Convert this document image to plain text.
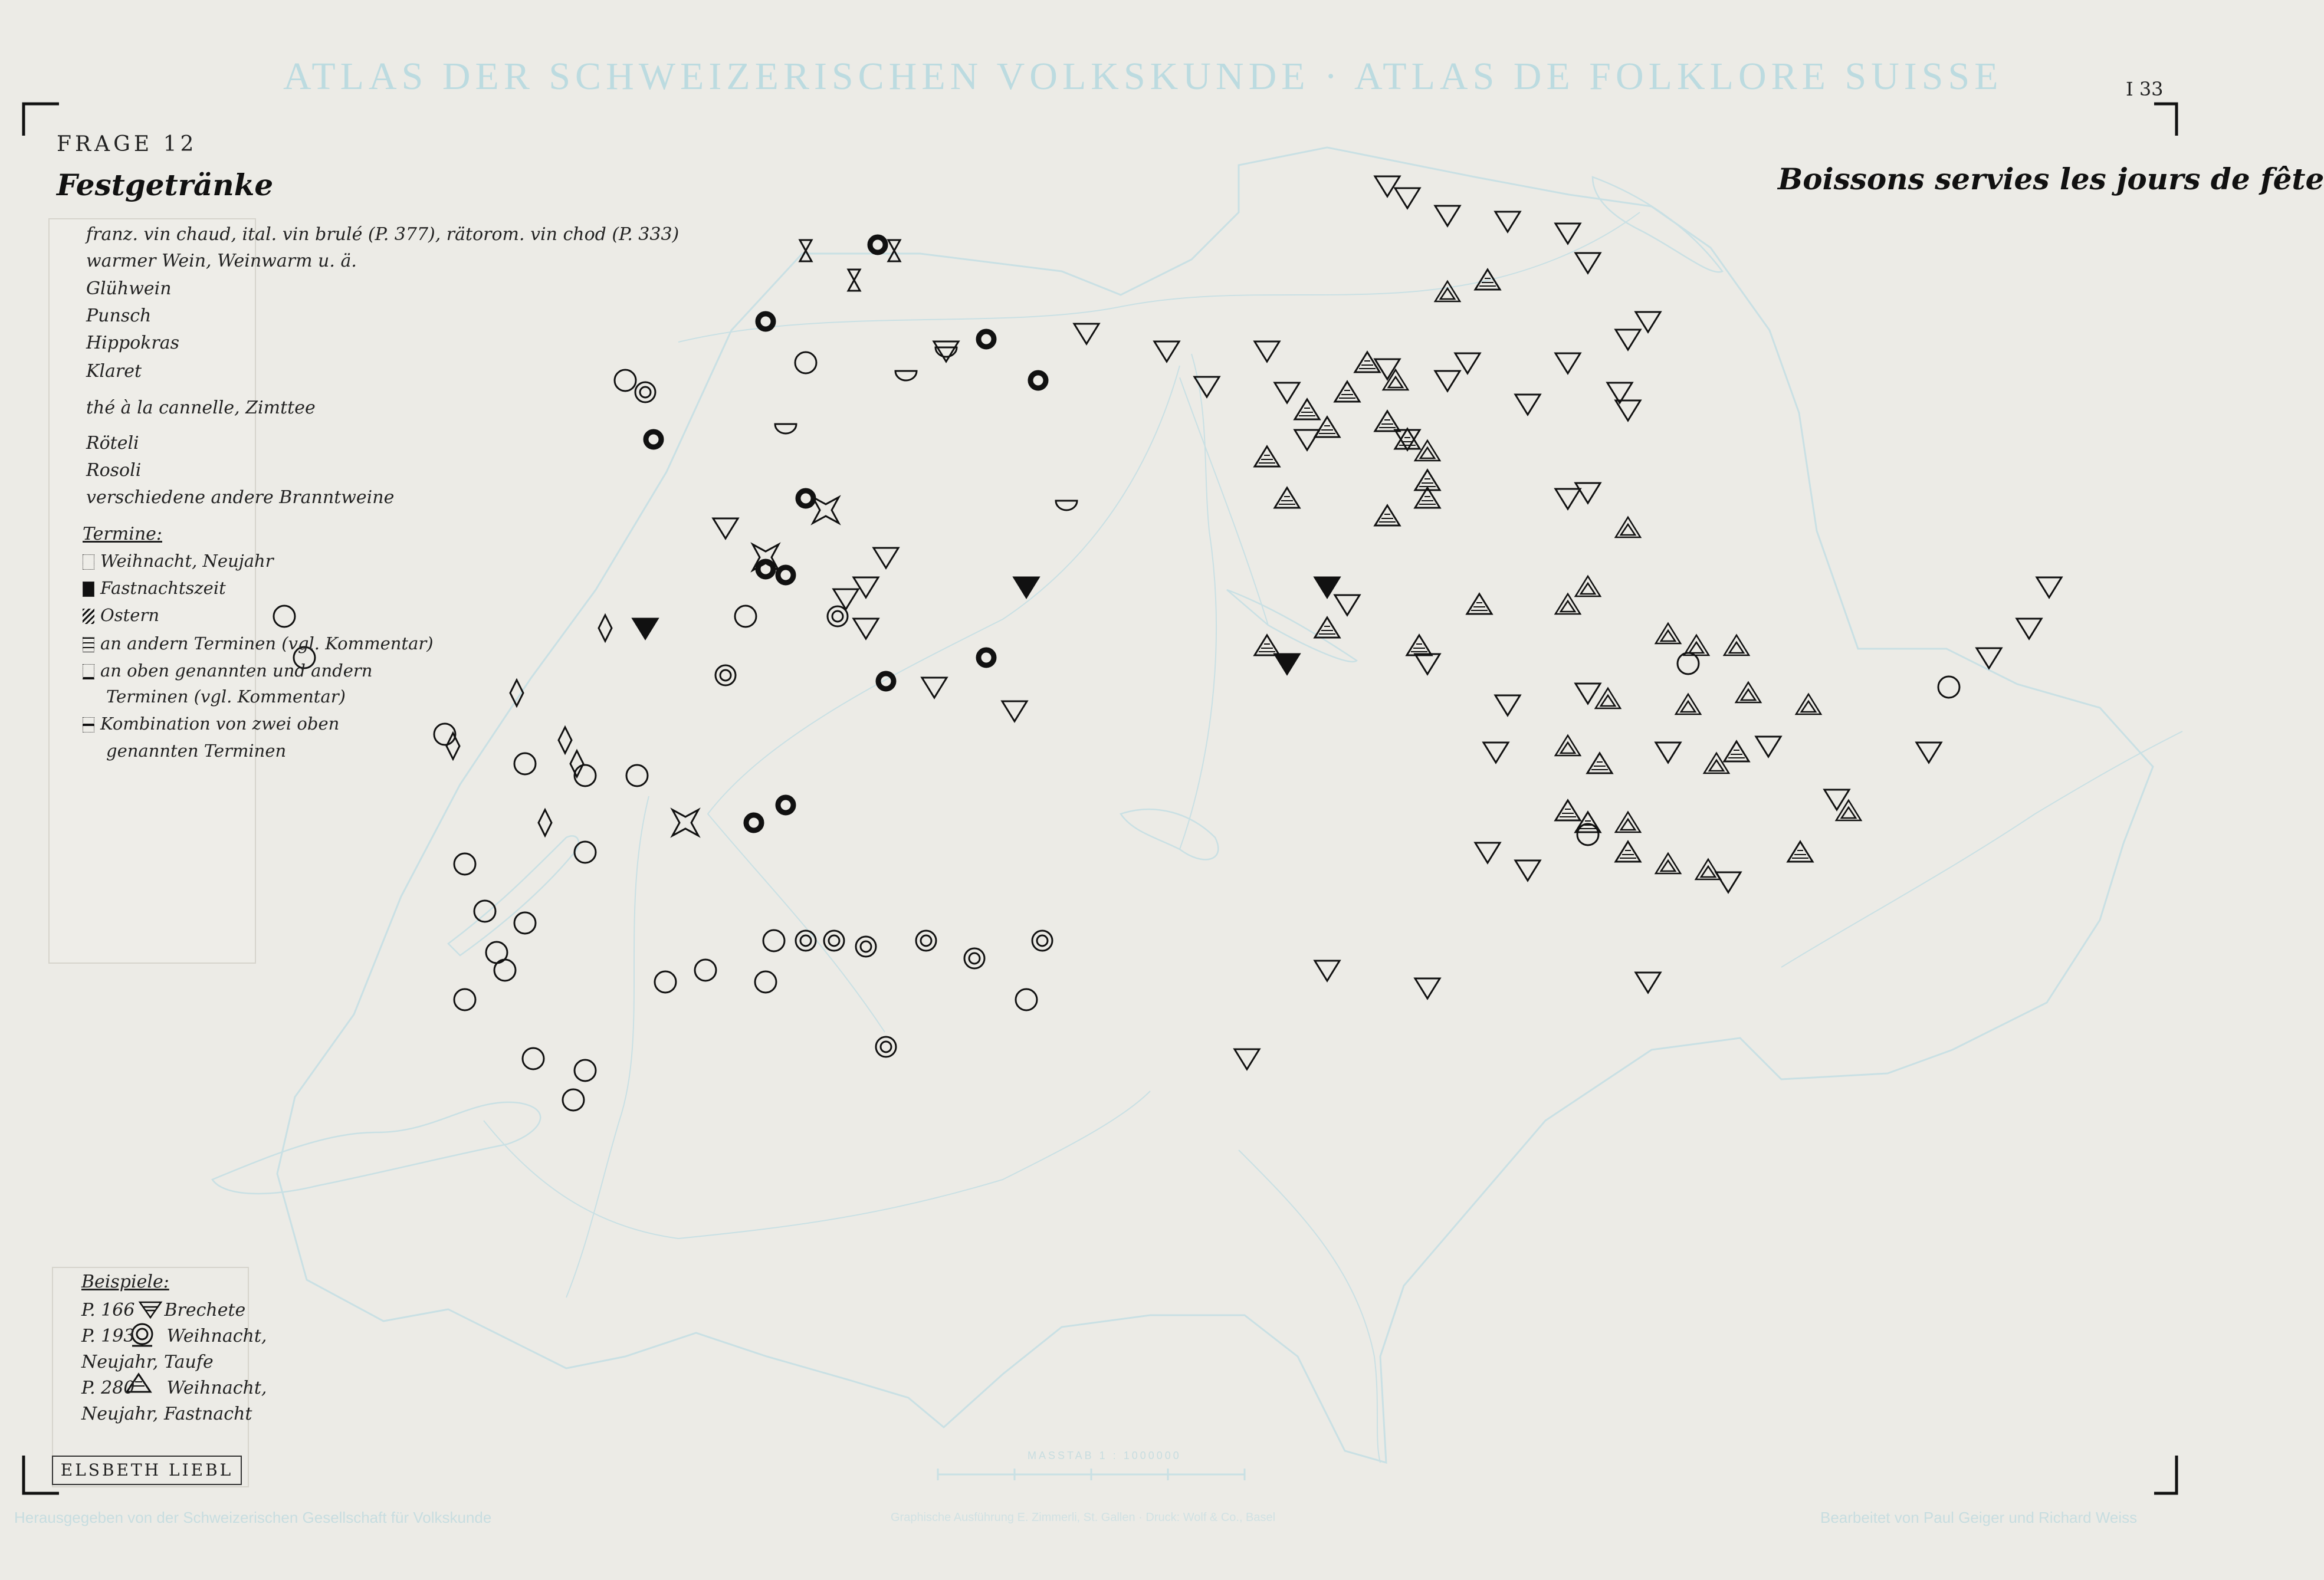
ATLAS DER SCHWEIZERISCHEN VOLKSKUNDE · ATLAS DE FOLKLORE SUISSE	I 33
FRAGE 12
Festgetränke	Boissons servies les jours de fête
franz. vin chaud, ital. vin brulé (P. 377), rätorom. vin chod (P. 333)
warmer Wein, Weinwarm u. ä.
Glühwein
Punsch
Hippokras
Klaret
thé à la cannelle, Zimttee
Röteli
Rosoli
verschiedene andere Branntweine
Termine:
Weihnacht, Neujahr
Fastnachtszeit
Ostern
an andern Terminen (vgl. Kommentar)
an oben genannten und andern
Terminen (vgl. Kommentar)
Kombination von zwei oben
genannten Terminen
Beispiele:
P. 166 Brechete
P. 193 Weihnacht,
Neujahr, Taufe
P. 280 Weihnacht,
Neujahr, Fastnacht
ELSBETH LIEBL
MASSTAB 1 : 1000000
Herausgegeben von der Schweizerischen Gesellschaft für Volkskunde	Graphische Ausführung E. Zimmerli, St. Gallen · Druck: Wolf & Co., Basel	Bearbeitet von Paul Geiger und Richard Weiss
